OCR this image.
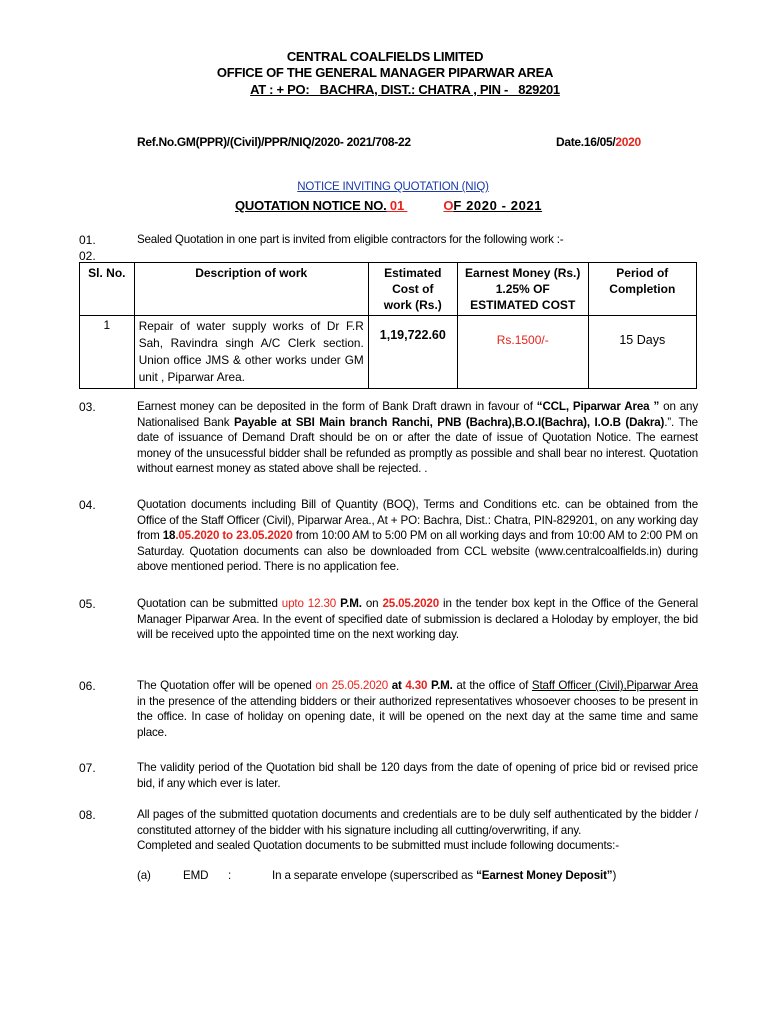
CENTRAL COALFIELDS LIMITED
OFFICE OF THE GENERAL MANAGER PIPARWAR AREA
AT : + PO: _BACHRA, DIST.: CHATRA , PIN - _829201
Ref.No.GM(PPR)/(Civil)/PPR/NIQ/2020- 2021/708-22	Date.16/05/2020
NOTICE INVITING QUOTATION (NIQ)
QUOTATION NOTICE NO. 01	OF 2020 - 2021
01.	Sealed Quotation in one part is invited from eligible contractors for the following work :-
02.
Sl. No.	Description of work	Estimated Cost of work (Rs.)	Earnest Money (Rs.) 1.25% OF ESTIMATED COST	Period of Completion
1	Repair of water supply works of Dr F.R Sah, Ravindra singh A/C Clerk section. Union office JMS & other works under GM unit , Piparwar Area.	1,19,722.60	Rs.1500/-	15 Days
03.	Earnest money can be deposited in the form of Bank Draft drawn in favour of “CCL, Piparwar Area ” on any Nationalised Bank Payable at SBI Main branch Ranchi, PNB (Bachra),B.O.I(Bachra), I.O.B (Dakra).”. The date of issuance of Demand Draft should be on or after the date of issue of Quotation Notice. The earnest money of the unsucessful bidder shall be refunded as promptly as possible and shall bear no interest. Quotation without earnest money as stated above shall be rejected. .
04.	Quotation documents including Bill of Quantity (BOQ), Terms and Conditions etc. can be obtained from the Office of the Staff Officer (Civil), Piparwar Area., At + PO: Bachra, Dist.: Chatra, PIN-829201, on any working day from 18.05.2020 to 23.05.2020 from 10:00 AM to 5:00 PM on all working days and from 10:00 AM to 2:00 PM on Saturday. Quotation documents can also be downloaded from CCL website (www.centralcoalfields.in) during above mentioned period. There is no application fee.
05.	Quotation can be submitted upto 12.30 P.M. on 25.05.2020 in the tender box kept in the Office of the General Manager Piparwar Area. In the event of specified date of submission is declared a Holoday by employer, the bid will be received upto the appointed time on the next working day.
06.	The Quotation offer will be opened on 25.05.2020 at 4.30 P.M. at the office of Staff Officer (Civil),Piparwar Area in the presence of the attending bidders or their authorized representatives whosoever chooses to be present in the office. In case of holiday on opening date, it will be opened on the next day at the same time and same place.
07.	The validity period of the Quotation bid shall be 120 days from the date of opening of price bid or revised price bid, if any which ever is later.
08.	All pages of the submitted quotation documents and credentials are to be duly self authenticated by the bidder / constituted attorney of the bidder with his signature including all cutting/overwriting, if any.
Completed and sealed Quotation documents to be submitted must include following documents:-
(a)	EMD :	In a separate envelope (superscribed as “Earnest Money Deposit”)
